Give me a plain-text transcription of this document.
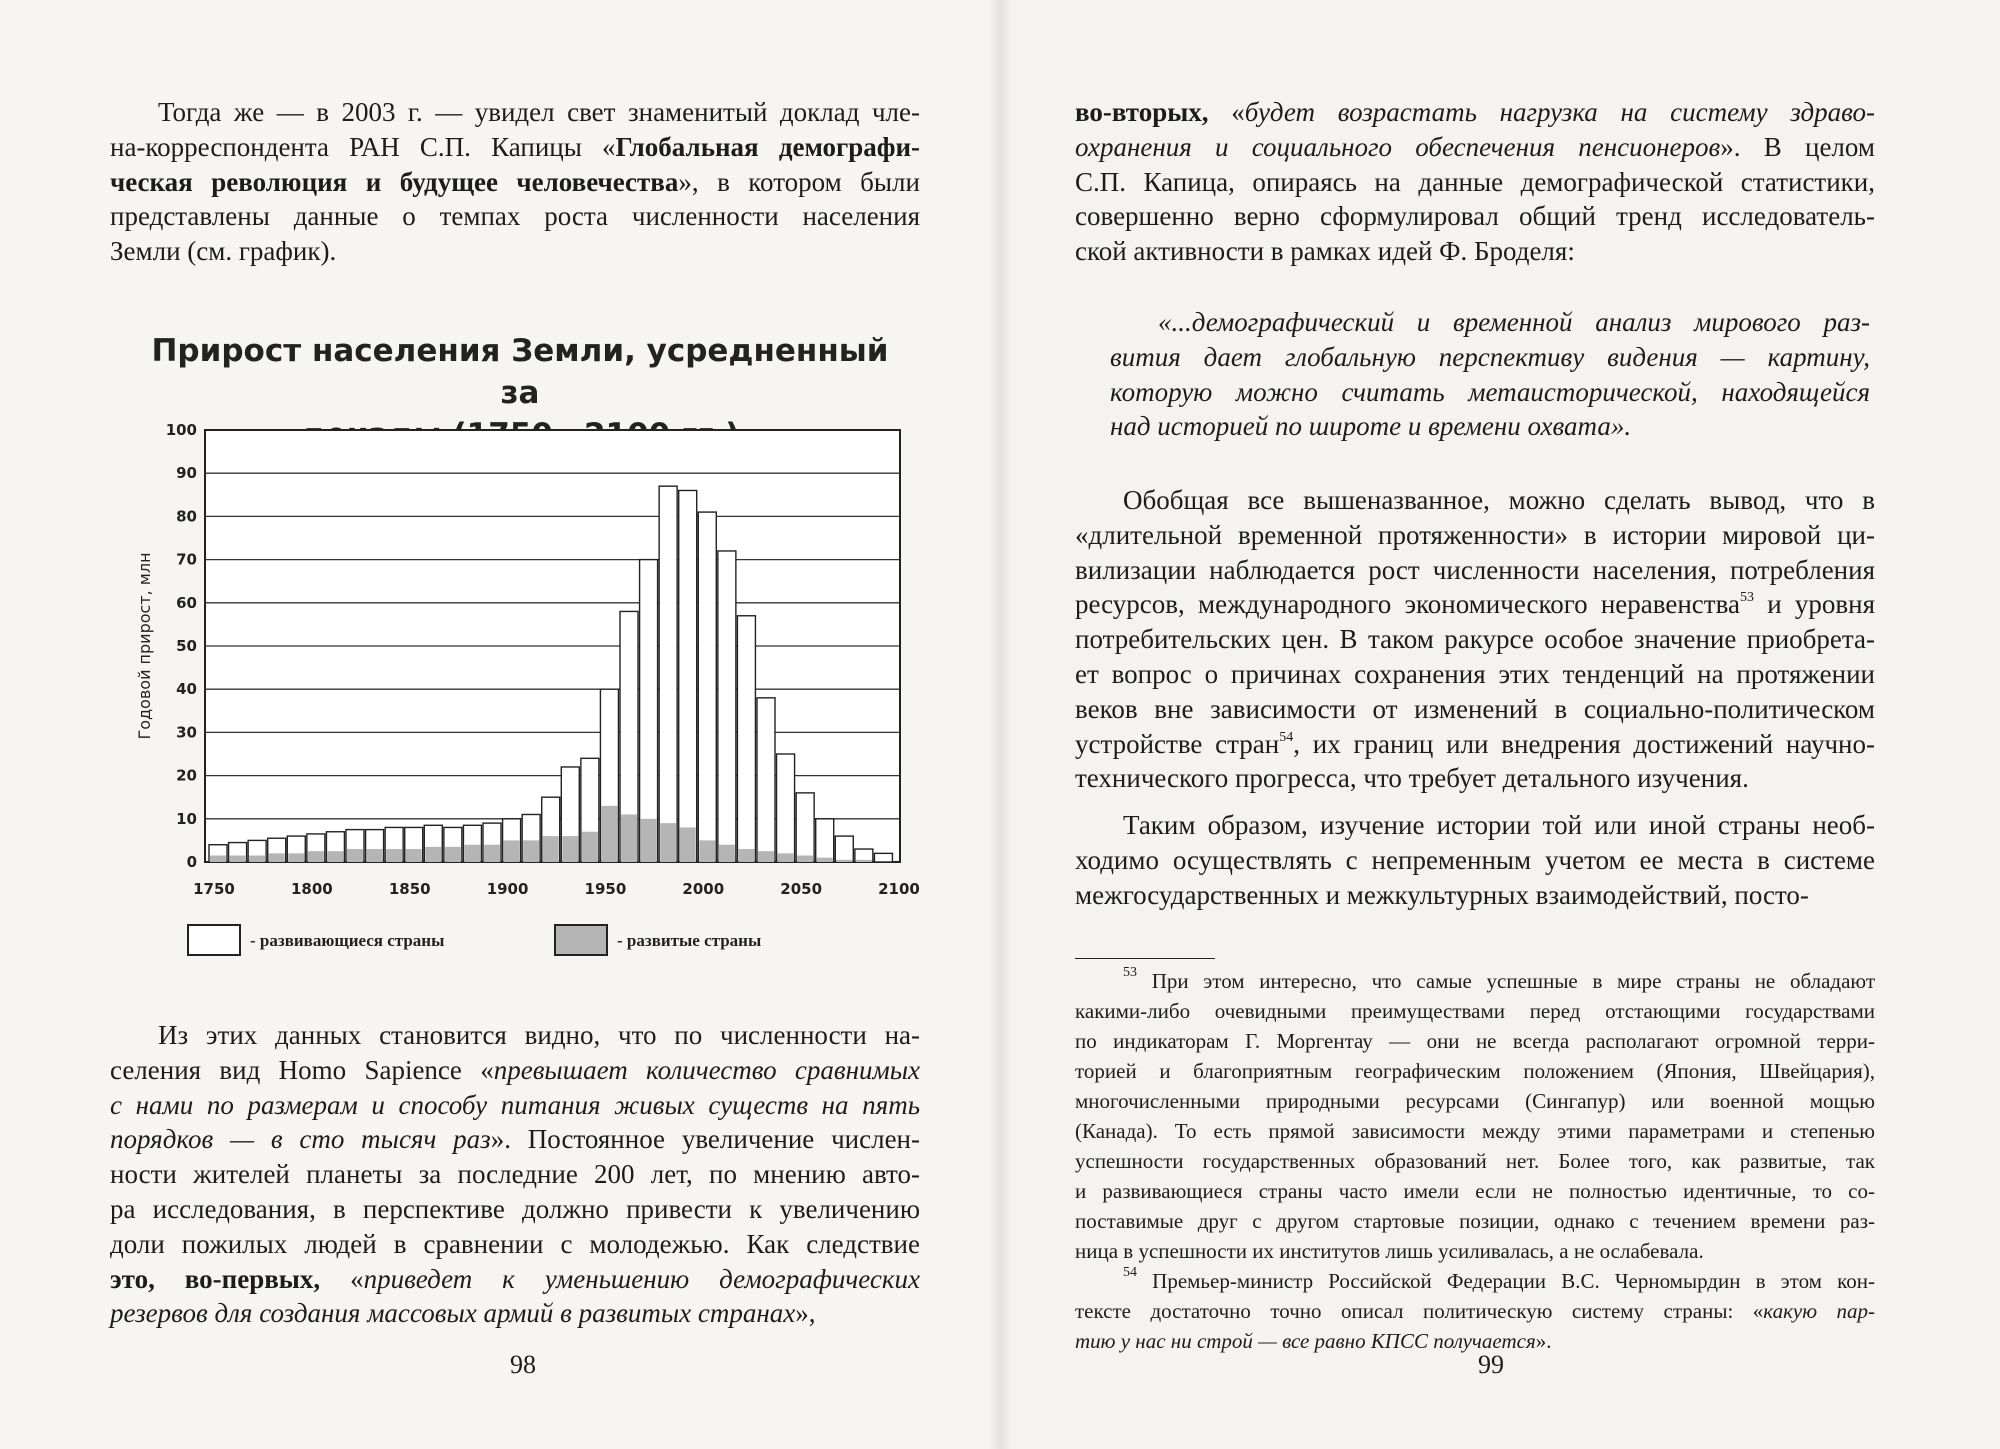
Тогда же — в 2003 г. — увидел свет знаменитый доклад чле-
на-корреспондента РАН С.П. Капицы «Глобальная демографи-
ческая революция и будущее человечества», в котором были
представлены данные о темпах роста численности населения
Земли (см. график).
Прирост населения Земли, усредненный за
0
10
20
30
40
50
60
70
80
90
100
Годовой прирост, млн
1750	1800	1850	1900	1950	2000	2050	2100
- развивающиеся страны	- развитые страны
Из этих данных становится видно, что по численности на-
селения вид Homo Sapience «превышает количество сравнимых
с нами по размерам и способу питания живых существ на пять
порядков — в сто тысяч раз». Постоянное увеличение числен-
ности жителей планеты за последние 200 лет, по мнению авто-
ра исследования, в перспективе должно привести к увеличению
доли пожилых людей в сравнении с молодежью. Как следствие
это, во-первых, «приведет к уменьшению демографических
резервов для создания массовых армий в развитых странах»,
98
во-вторых, «будет возрастать нагрузка на систему здраво-
охранения и социального обеспечения пенсионеров». В целом
С.П. Капица, опираясь на данные демографической статистики,
совершенно верно сформулировал общий тренд исследователь-
ской активности в рамках идей Ф. Броделя:
«...демографический и временной анализ мирового раз-
вития дает глобальную перспективу видения — картину,
которую можно считать метаисторической, находящейся
над историей по широте и времени охвата».
Обобщая все вышеназванное, можно сделать вывод, что в
«длительной временной протяженности» в истории мировой ци-
вилизации наблюдается рост численности населения, потребления
ресурсов, международного экономического неравенства$^{53}$ и уровня
потребительских цен. В таком ракурсе особое значение приобрета-
ет вопрос о причинах сохранения этих тенденций на протяжении
веков вне зависимости от изменений в социально-политическом
устройстве стран$^{54}$, их границ или внедрения достижений научно-
технического прогресса, что требует детального изучения.
Таким образом, изучение истории той или иной страны необ-
ходимо осуществлять с непременным учетом ее места в системе
межгосударственных и межкультурных взаимодействий, посто-
$^{53}$ При этом интересно, что самые успешные в мире страны не обладают
какими-либо очевидными преимуществами перед отстающими государствами
по индикаторам Г. Моргентау — они не всегда располагают огромной терри-
торией и благоприятным географическим положением (Япония, Швейцария),
многочисленными природными ресурсами (Сингапур) или военной мощью
(Канада). То есть прямой зависимости между этими параметрами и степенью
успешности государственных образований нет. Более того, как развитые, так
и развивающиеся страны часто имели если не полностью идентичные, то со-
поставимые друг с другом стартовые позиции, однако с течением времени раз-
ница в успешности их институтов лишь усиливалась, а не ослабевала.
$^{54}$ Премьер-министр Российской Федерации В.С. Черномырдин в этом кон-
тексте достаточно точно описал политическую систему страны: «какую пар-
тию у нас ни строй — все равно КПСС получается».
99
